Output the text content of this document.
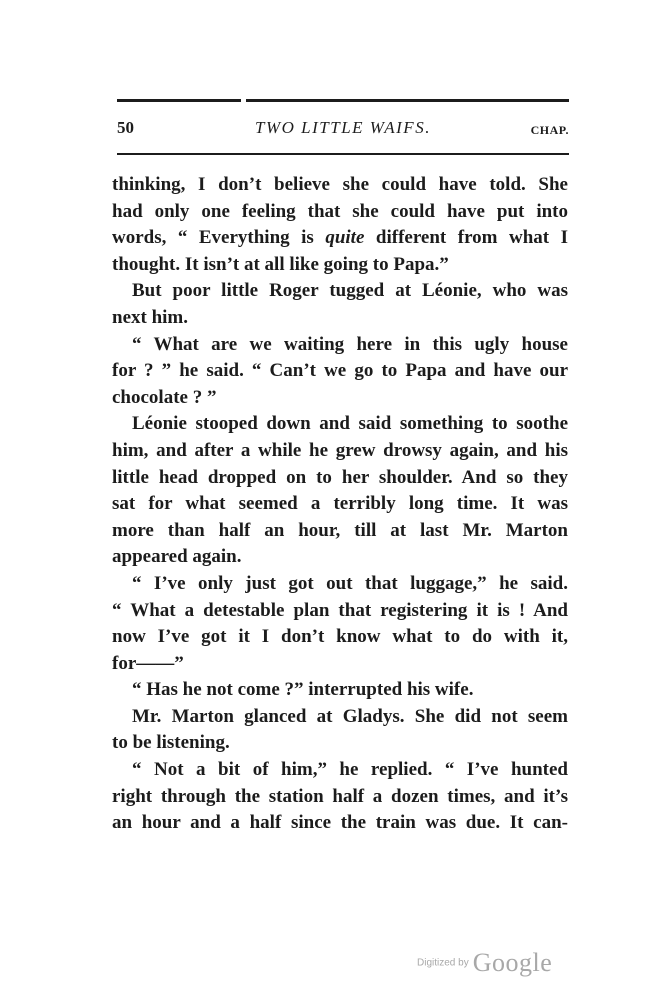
50	TWO LITTLE WAIFS.	CHAP.
thinking, I don’t believe she could have told. She
had only one feeling that she could have put into
words, “ Everything is quite different from what I
thought. It isn’t at all like going to Papa.”
But poor little Roger tugged at Léonie, who was
next him.
“ What are we waiting here in this ugly house
for ? ” he said. “ Can’t we go to Papa and have our
chocolate ? ”
Léonie stooped down and said something to soothe
him, and after a while he grew drowsy again, and his
little head dropped on to her shoulder. And so they
sat for what seemed a terribly long time. It was
more than half an hour, till at last Mr. Marton
appeared again.
“ I’ve only just got out that luggage,” he said.
“ What a detestable plan that registering it is ! And
now I’ve got it I don’t know what to do with it,
for——”
“ Has he not come ?” interrupted his wife.
Mr. Marton glanced at Gladys. She did not seem
to be listening.
“ Not a bit of him,” he replied. “ I’ve hunted
right through the station half a dozen times, and it’s
an hour and a half since the train was due. It can-
Digitized by Google
